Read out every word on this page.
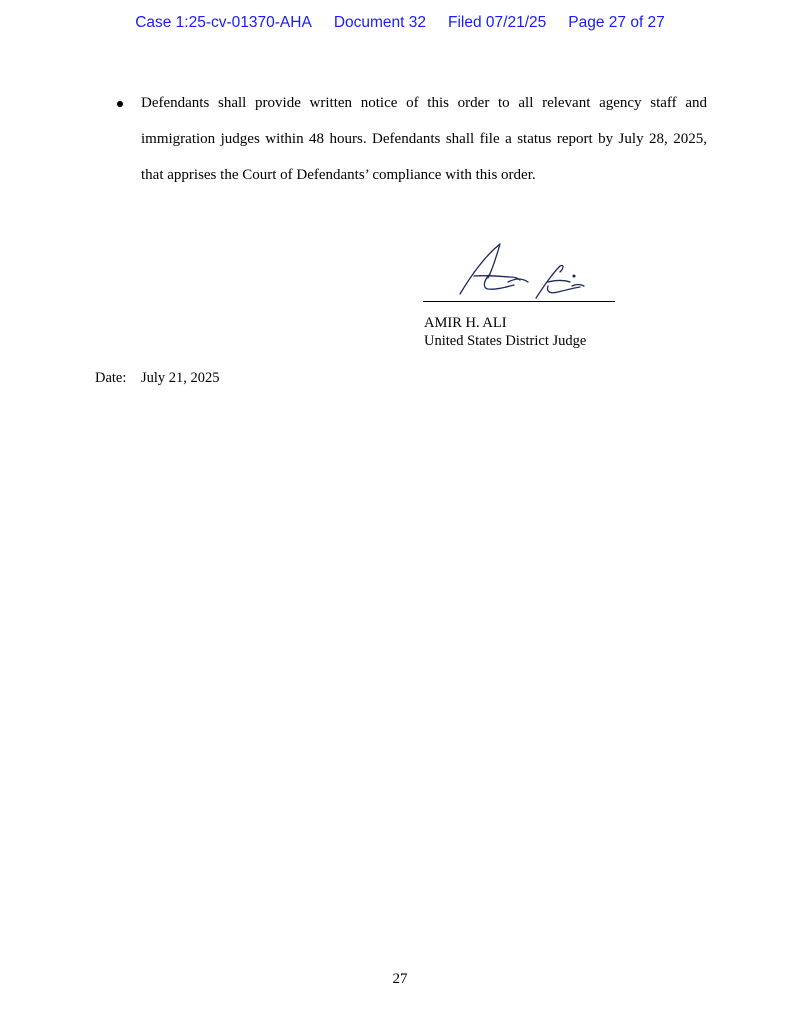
Case 1:25-cv-01370-AHA Document 32 Filed 07/21/25 Page 27 of 27
Defendants shall provide written notice of this order to all relevant agency staff and
immigration judges within 48 hours. Defendants shall file a status report by July 28, 2025,
that apprises the Court of Defendants’ compliance with this order.
AMIR H. ALI
United States District Judge
Date: July 21, 2025
27
